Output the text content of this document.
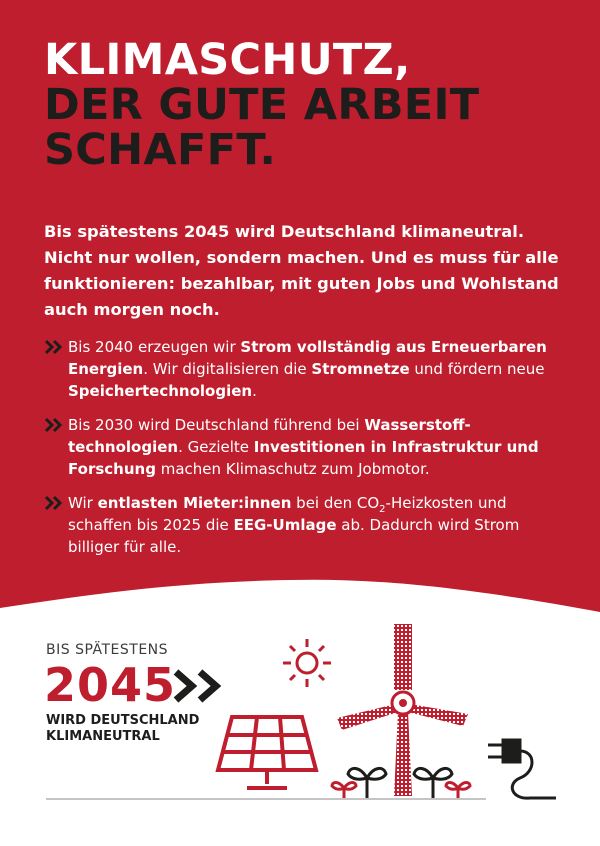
KLIMASCHUTZ,
DER GUTE ARBEIT
SCHAFFT.

Bis spätestens 2045 wird Deutschland klimaneutral. Nicht nur wollen, sondern machen. Und es muss für alle funktionieren: bezahlbar, mit guten Jobs und Wohlstand auch morgen noch.

Bis 2040 erzeugen wir Strom vollständig aus Erneuerbaren Energien. Wir digitalisieren die Stromnetze und fördern neue Speichertechnologien.
Bis 2030 wird Deutschland führend bei Wasserstofftechnologien. Gezielte Investitionen in Infrastruktur und Forschung machen Klimaschutz zum Jobmotor.
Wir entlasten Mieter:innen bei den $CO_2$-Heizkosten und schaffen bis 2025 die EEG-Umlage ab. Dadurch wird Strom billiger für alle.
BIS SPÄTESTENS
2045
WIRD DEUTSCHLAND
KLIMANEUTRAL
